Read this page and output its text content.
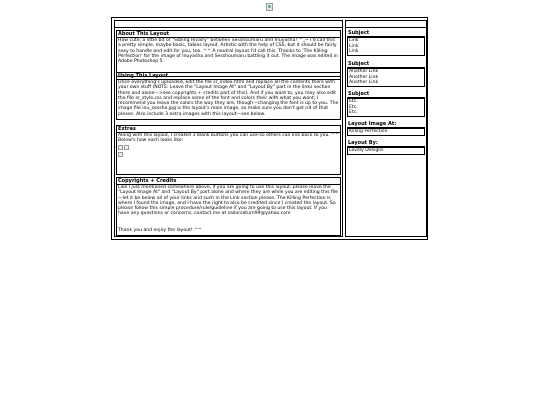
About This Layout

How cute; a little bit of "Sibling Rivalry" between Sesshoumaru and Inuyasha! ^_~ I'd call this a pretty simple, maybe basic, tables layout. Artistic with the help of CSS, but it should be fairly easy to handle and edit for you, too. ^^ A neutral layout I'd call this. Thanks to 'The Killing Perfection' for the image of Inuyasha and Sesshoumaru battling it out. The image was edited in Adobe Photoshop 5.

Using This Layout

Once everything's uploaded, edit the file sr_index.html and replace all the contents there with your own stuff (NOTE: Leave the "Layout Image At" and "Layout By" part in the links section there and alone—>see copyrights + credits part of this). And if you want to, you may also edit the file sr_style.css and replace some of the font and colors their with what you want; I recommend you leave the colors the way they are, though—changing the font is up to you. The image file inu_sessha.jpg is the layout's main image, so make sure you don't get rid of that please. Also include 3 extra images with this layout—see below.

Extras

Along with this layout, I created 3 blank buttons you can use-so others can link back to you. ^^ Below's how each looks like:

Copyrights + Credits

Like I just mentioned somewhere above, if you are going to use this layout, please leave the "Layout Image At" and "Layout By" part alone and where they are while you are editing this file—let it be below all of your links and such in the Link section please. The Killing Perfection is where I found the image, and I have the right to also be credited since I created the layout. So please follow this simple procedure/rule/guideline if you are going to use this layout. If you have any questions or concerns, contact me at sailorsaturn99@yahoo.com

Thank you and enjoy the layout! ^^

Subject
Link
Link
Link
Subject
Another Link
Another Link
Another Link
Subject
Etc.
Etc.
Etc.
Layout Image At:
Killing Perfection
Layout By:
Lovely Designs
